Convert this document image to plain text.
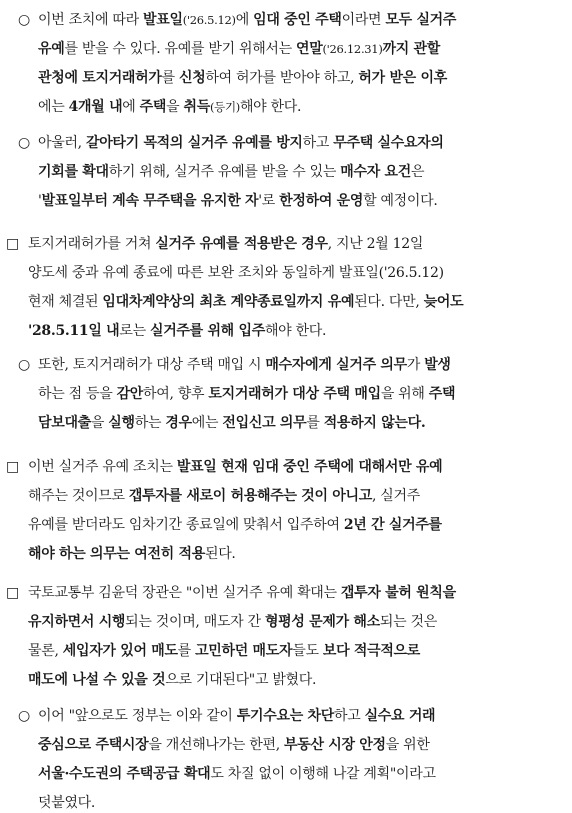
○ 이번 조치에 따라 발표일('26.5.12)에 임대 중인 주택이라면 모두 실거주
유예를 받을 수 있다. 유예를 받기 위해서는 연말('26.12.31)까지 관할
관청에 토지거래허가를 신청하여 허가를 받아야 하고, 허가 받은 이후
에는 4개월 내에 주택을 취득(등기)해야 한다.
○ 아울러, 갈아타기 목적의 실거주 유예를 방지하고 무주택 실수요자의
기회를 확대하기 위해, 실거주 유예를 받을 수 있는 매수자 요건은
'발표일부터 계속 무주택을 유지한 자'로 한정하여 운영할 예정이다.
□ 토지거래허가를 거쳐 실거주 유예를 적용받은 경우, 지난 2월 12일
양도세 중과 유예 종료에 따른 보완 조치와 동일하게 발표일('26.5.12)
현재 체결된 임대차계약상의 최초 계약종료일까지 유예된다. 다만, 늦어도
'28.5.11일 내로는 실거주를 위해 입주해야 한다.
○ 또한, 토지거래허가 대상 주택 매입 시 매수자에게 실거주 의무가 발생
하는 점 등을 감안하여, 향후 토지거래허가 대상 주택 매입을 위해 주택
담보대출을 실행하는 경우에는 전입신고 의무를 적용하지 않는다.
□ 이번 실거주 유예 조치는 발표일 현재 임대 중인 주택에 대해서만 유예
해주는 것이므로 갭투자를 새로이 허용해주는 것이 아니고, 실거주
유예를 받더라도 임차기간 종료일에 맞춰서 입주하여 2년 간 실거주를
해야 하는 의무는 여전히 적용된다.
□ 국토교통부 김윤덕 장관은 "이번 실거주 유예 확대는 갭투자 불허 원칙을
유지하면서 시행되는 것이며, 매도자 간 형평성 문제가 해소되는 것은
물론, 세입자가 있어 매도를 고민하던 매도자들도 보다 적극적으로
매도에 나설 수 있을 것으로 기대된다"고 밝혔다.
○ 이어 "앞으로도 정부는 이와 같이 투기수요는 차단하고 실수요 거래
중심으로 주택시장을 개선해나가는 한편, 부동산 시장 안정을 위한
서울·수도권의 주택공급 확대도 차질 없이 이행해 나갈 계획"이라고
덧붙였다.
